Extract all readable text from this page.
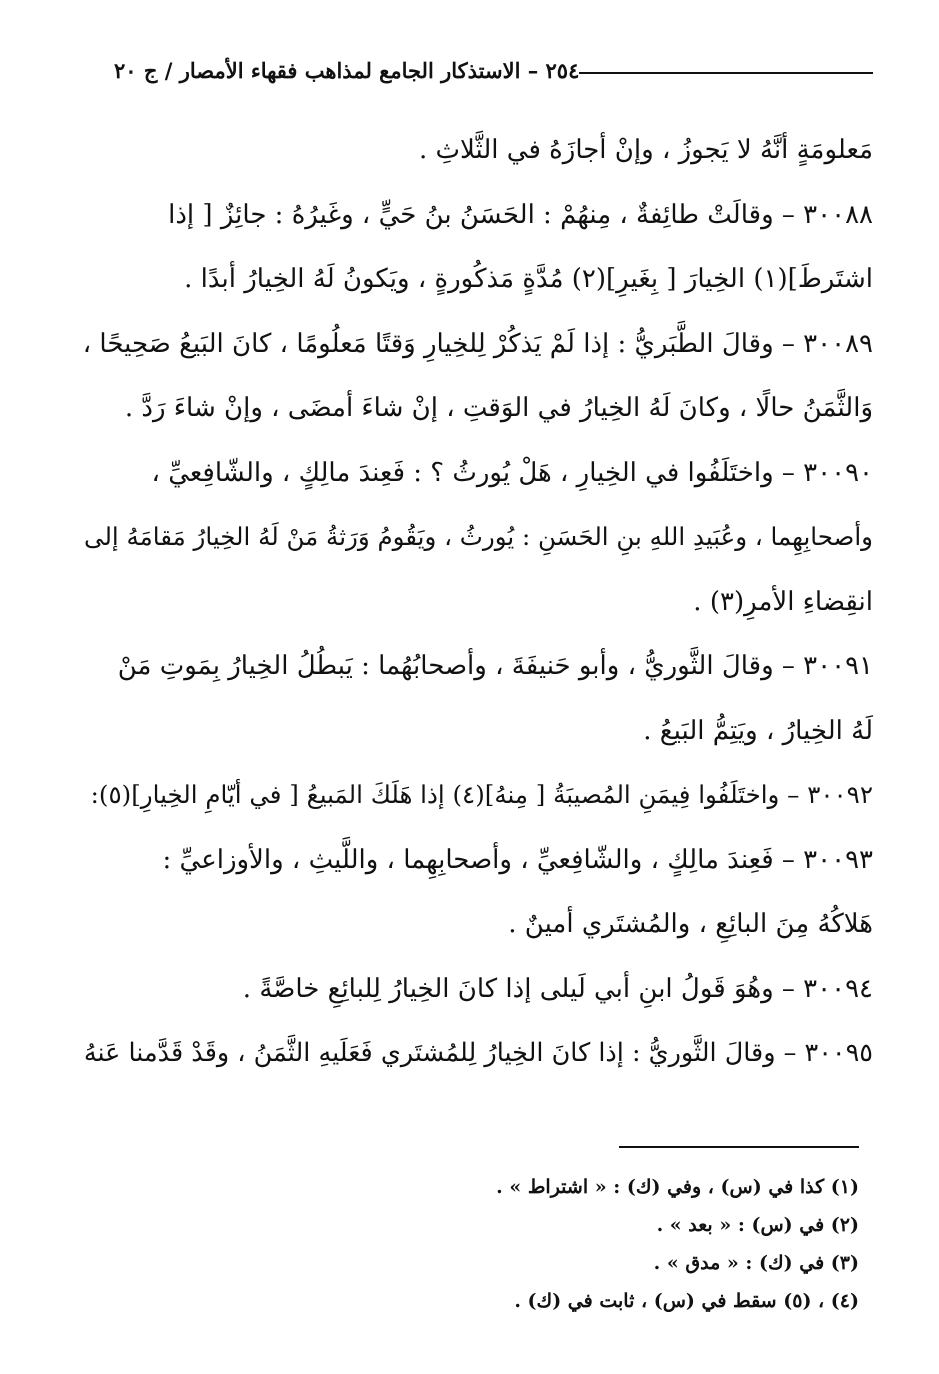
٢٥٤ – الاستذكار الجامع لمذاهب فقهاء الأمصار / ج ٢٠

مَعلومَةٍ أنَّهُ لا يَجوزُ ، وإنْ أجازَهُ في الثَّلاثِ .

٣٠٠٨٨ – وقالَتْ طائِفةٌ ، مِنهُمْ : الحَسَنُ بنُ حَيٍّ ، وغَيرُهُ : جائِزٌ [ إذا
اشتَرطَ](١) الخِيارَ [ بِغَيرِ](٢) مُدَّةٍ مَذكُورةٍ ، ويَكونُ لَهُ الخِيارُ أبدًا .

٣٠٠٨٩ – وقالَ الطَّبَريُّ : إذا لَمْ يَذكُرْ لِلخِيارِ وَقتًا مَعلُومًا ، كانَ البَيعُ صَحِيحًا ،
وَالثَّمَنُ حالًا ، وكانَ لَهُ الخِيارُ في الوَقتِ ، إنْ شاءَ أمضَى ، وإنْ شاءَ رَدَّ .

٣٠٠٩٠ – واختَلَفُوا في الخِيارِ ، هَلْ يُورثُ ؟ : فَعِندَ مالِكٍ ، والشّافِعيِّ ،
وأصحابِهِما ، وعُبَيدِ اللهِ بنِ الحَسَنِ : يُورثُ ، ويَقُومُ وَرَثةُ مَنْ لَهُ الخِيارُ مَقامَهُ إلى
انقِضاءِ الأمرِ(٣) .

٣٠٠٩١ – وقالَ الثَّوريُّ ، وأبو حَنيفَةَ ، وأصحابُهُما : يَبطُلُ الخِيارُ بِمَوتِ مَنْ
لَهُ الخِيارُ ، ويَتِمُّ البَيعُ .

٣٠٠٩٢ – واختَلَفُوا فِيمَنِ المُصيبَةُ [ مِنهُ](٤) إذا هَلَكَ المَبيعُ [ في أيّامِ الخِيارِ](٥):

٣٠٠٩٣ – فَعِندَ مالِكٍ ، والشّافِعيِّ ، وأصحابِهِما ، واللَّيثِ ، والأوزاعيِّ :
هَلاكُهُ مِنَ البائِعِ ، والمُشتَري أمينٌ .

٣٠٠٩٤ – وهُوَ قَولُ ابنِ أبي لَيلى إذا كانَ الخِيارُ لِلبائِعِ خاصَّةً .

٣٠٠٩٥ – وقالَ الثَّوريُّ : إذا كانَ الخِيارُ لِلمُشتَري فَعَلَيهِ الثَّمَنُ ، وقَدْ قَدَّمنا عَنهُ

(١) كذا في (س) ، وفي (ك) : « اشتراط » .
(٢) في (س) : « بعد » .
(٣) في (ك) : « مدق » .
(٤) ، (٥) سقط في (س) ، ثابت في (ك) .
